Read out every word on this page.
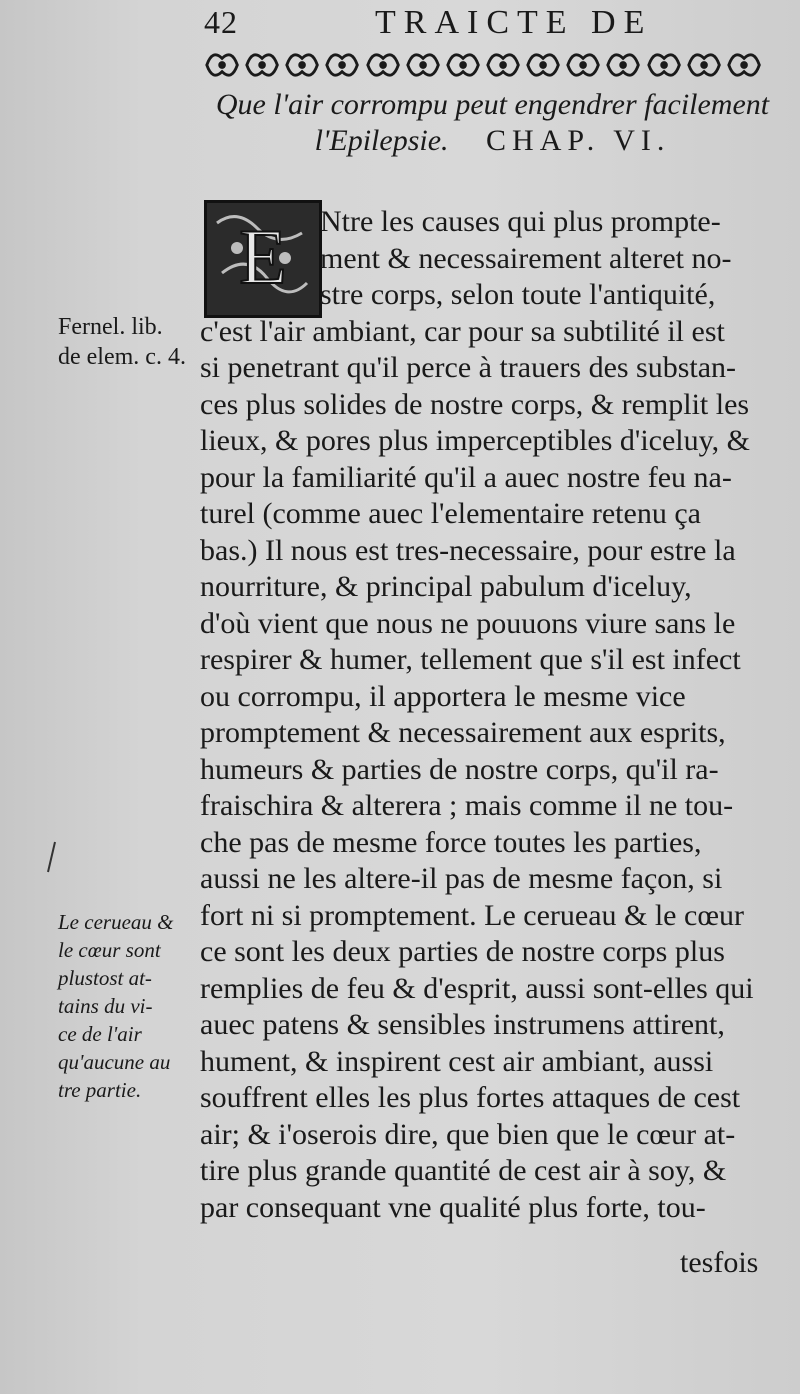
42	TRAICTE DE
Que l'air corrompu peut engendrer facilement
l'Epilepsie. CHAP. VI.
E	Ntre les causes qui plus prompte-
ment & necessairement alteret no-
stre corps, selon toute l'antiquité,
c'est l'air ambiant, car pour sa subtilité il est
si penetrant qu'il perce à trauers des substan-
ces plus solides de nostre corps, & remplit les
lieux, & pores plus imperceptibles d'iceluy, &
pour la familiarité qu'il a auec nostre feu na-
turel (comme auec l'elementaire retenu ça
bas.) Il nous est tres-necessaire, pour estre la
nourriture, & principal pabulum d'iceluy,
d'où vient que nous ne pouuons viure sans le
respirer & humer, tellement que s'il est infect
ou corrompu, il apportera le mesme vice
promptement & necessairement aux esprits,
humeurs & parties de nostre corps, qu'il ra-
fraischira & alterera ; mais comme il ne tou-
che pas de mesme force toutes les parties,
aussi ne les altere-il pas de mesme façon, si
fort ni si promptement. Le cerueau & le cœur
ce sont les deux parties de nostre corps plus
remplies de feu & d'esprit, aussi sont-elles qui
auec patens & sensibles instrumens attirent,
hument, & inspirent cest air ambiant, aussi
souffrent elles les plus fortes attaques de cest
air; & i'oserois dire, que bien que le cœur at-
tire plus grande quantité de cest air à soy, &
par consequant vne qualité plus forte, tou-
tesfois
Fernel. lib.
de elem. c. 4.
Le cerueau &
le cœur sont
plustost at-
tains du vi-
ce de l'air
qu'aucune au
tre partie.
